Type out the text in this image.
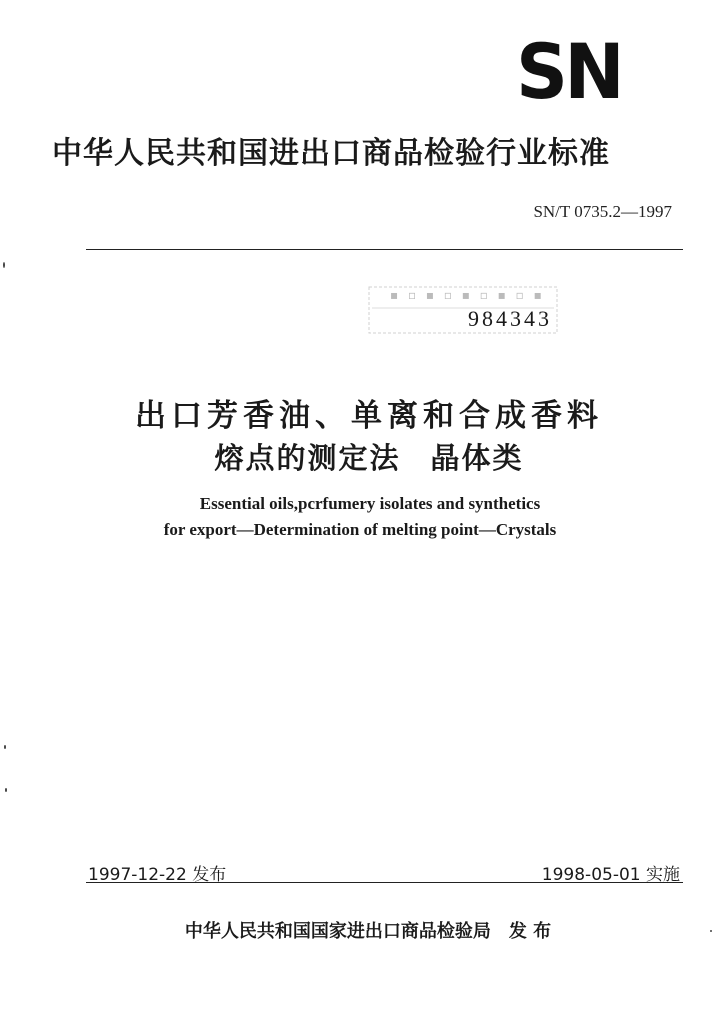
SN
中华人民共和国进出口商品检验行业标准
SN/T 0735.2—1997
▪ ▫ ▪ ▫ ▪ ▫ ▪ ▫ ▪
984343
出口芳香油、单离和合成香料
熔点的测定法 晶体类
Essential oils,pcrfumery isolates and synthetics
for export—Determination of melting point—Crystals
1997-12-22 发布	1998-05-01 实施
中华人民共和国国家进出口商品检验局 发 布
